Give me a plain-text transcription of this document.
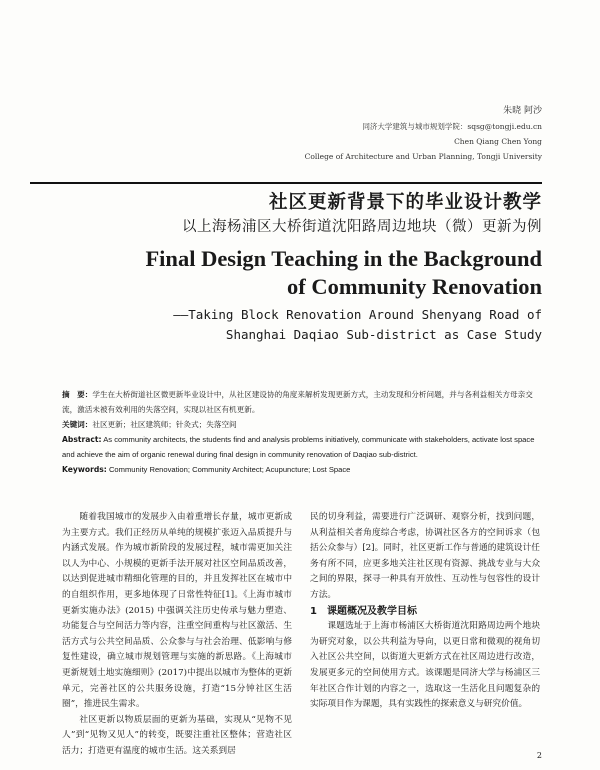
朱晓 阿沙
同济大学建筑与城市规划学院：sqsg@tongji.edu.cn
Chen Qiang Chen Yong
College of Architecture and Urban Planning, Tongji University
社区更新背景下的毕业设计教学
以上海杨浦区大桥街道沈阳路周边地块（微）更新为例
Final Design Teaching in the Background
of Community Renovation
——Taking Block Renovation Around Shenyang Road of
Shanghai Daqiao Sub-district as Case Study

摘　要：学生在大桥街道社区微更新毕业设计中，从社区建设协的角度来解析发现更新方式，主动发现和分析问题，并与各利益相关方母亲交流，激活未被有效利用的失落空间，实现以社区有机更新。

关键词：社区更新；社区建筑师；针灸式；失落空间

Abstract: As community architects, the students find and analysis problems initiatively, communicate with stakeholders, activate lost space and achieve the aim of organic renewal during final design in community renovation of Daqiao sub-district.

Keywords: Community Renovation; Community Architect; Acupuncture; Lost Space

随着我国城市的发展步入由着重增长存量，城市更新成为主要方式。我们正经历从单纯的规模扩张迈入品质提升与内涵式发展。作为城市新阶段的发展过程，城市需更加关注以人为中心、小规模的更新手法开展对社区空间品质改善，以达到促进城市精细化管理的目的，并且发挥社区在城市中的自组织作用，更多地体现了日常性特征[1]。《上海市城市更新实施办法》(2015) 中强调关注历史传承与魅力塑造、功能复合与空间活力等内容，注重空间重构与社区激活、生活方式与公共空间品质、公众参与与社会治理、低影响与修复性建设，确立城市规划管理与实施的新思路。《上海城市更新规划土地实施细则》(2017)中提出以城市为整体的更新单元，完善社区的公共服务设施，打造“15分钟社区生活圈”，推进民生需求。

社区更新以物质层面的更新为基础，实现从“见物不见人”到“见物又见人”的转变，既要注重社区整体；营造社区活力；打造更有温度的城市生活。这关系到居

民的切身利益，需要进行广泛调研、观察分析，找到问题，从利益相关者角度综合考虑，协调社区各方的空间诉求（包括公众参与）[2]。同时，社区更新工作与普通的建筑设计任务有所不同，应更多地关注社区现有资源、挑战专业与大众之间的界限，探寻一种具有开放性、互动性与包容性的设计方法。

1　课题概况及教学目标

课题选址于上海市杨浦区大桥街道沈阳路周边两个地块为研究对象，以公共利益为导向，以更日常和微观的视角切入社区公共空间，以街道大更新方式在社区周边进行改造，发展更多元的空间使用方式。该课题是同济大学与杨浦区三年社区合作计划的内容之一，选取这一生活化且问题复杂的实际项目作为课题，具有实践性的探索意义与研究价值。

2
